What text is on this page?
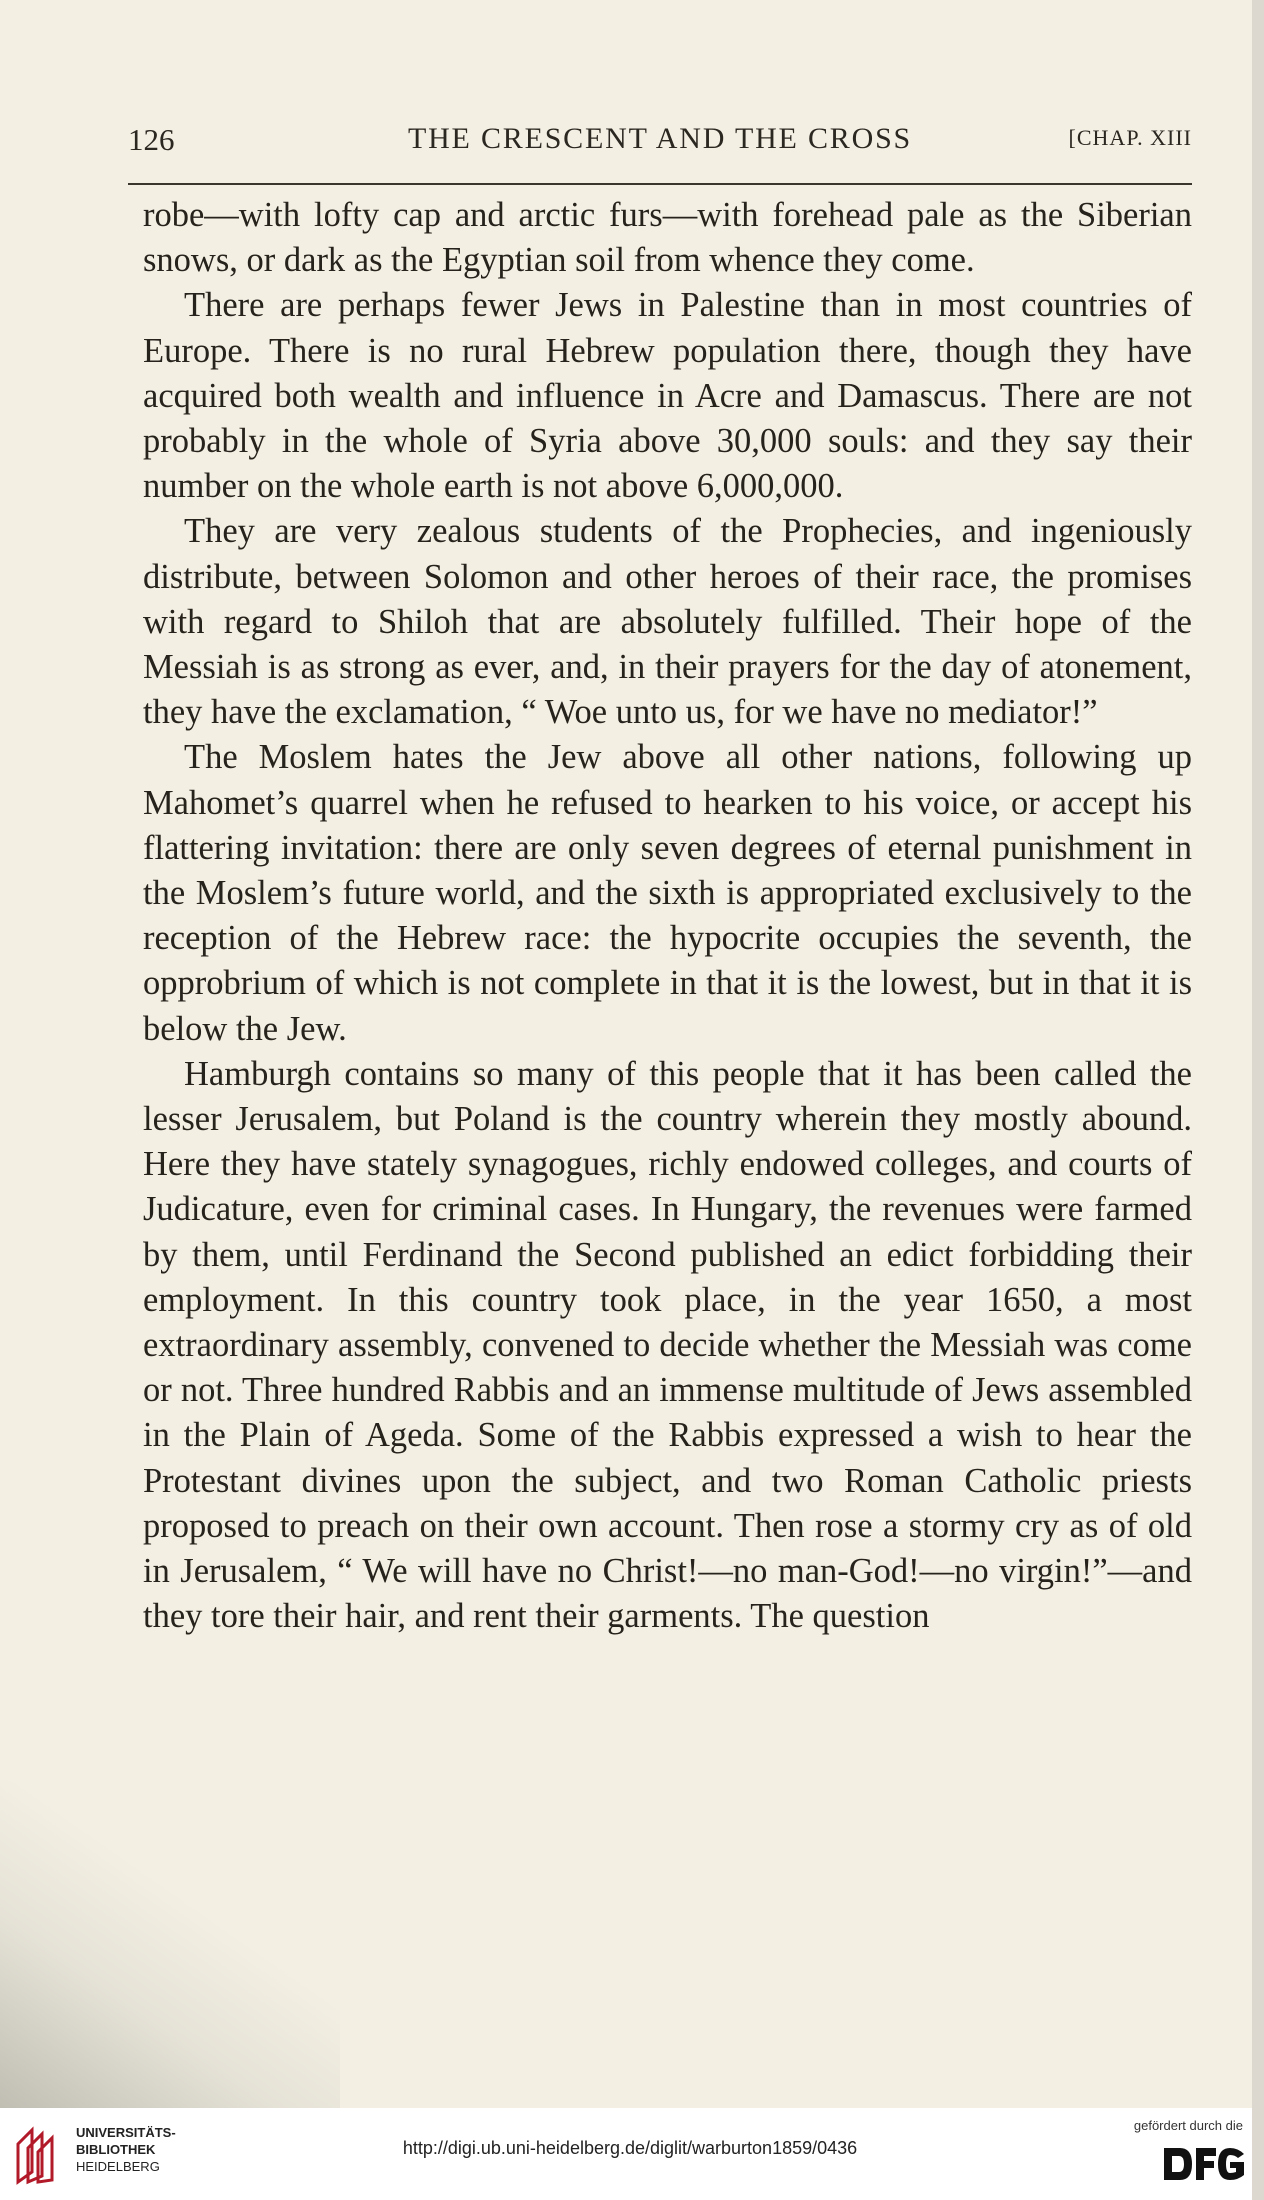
126	THE CRESCENT AND THE CROSS	[CHAP. XIII

robe—with lofty cap and arctic furs—with forehead pale as the Siberian snows, or dark as the Egyptian soil from whence they come.

There are perhaps fewer Jews in Palestine than in most countries of Europe. There is no rural Hebrew population there, though they have acquired both wealth and influence in Acre and Damascus. There are not probably in the whole of Syria above 30,000 souls: and they say their number on the whole earth is not above 6,000,000.

They are very zealous students of the Prophecies, and ingeniously distribute, between Solomon and other heroes of their race, the promises with regard to Shiloh that are absolutely fulfilled. Their hope of the Messiah is as strong as ever, and, in their prayers for the day of atonement, they have the exclamation, “ Woe unto us, for we have no mediator!”

The Moslem hates the Jew above all other nations, following up Mahomet’s quarrel when he refused to hearken to his voice, or accept his flattering invitation: there are only seven degrees of eternal punishment in the Moslem’s future world, and the sixth is appropriated exclusively to the reception of the Hebrew race: the hypocrite occupies the seventh, the opprobrium of which is not complete in that it is the lowest, but in that it is below the Jew.

Hamburgh contains so many of this people that it has been called the lesser Jerusalem, but Poland is the country wherein they mostly abound. Here they have stately synagogues, richly endowed colleges, and courts of Judicature, even for criminal cases. In Hungary, the revenues were farmed by them, until Ferdinand the Second published an edict forbidding their employment. In this country took place, in the year 1650, a most extraordinary assembly, convened to decide whether the Messiah was come or not. Three hundred Rabbis and an immense multitude of Jews assembled in the Plain of Ageda. Some of the Rabbis expressed a wish to hear the Protestant divines upon the subject, and two Roman Catholic priests proposed to preach on their own account. Then rose a stormy cry as of old in Jerusalem, “ We will have no Christ!—no man-God!—no virgin!”—and they tore their hair, and rent their garments. The question

UNIVERSITÄTS-
BIBLIOTHEK
HEIDELBERG
http://digi.ub.uni-heidelberg.de/diglit/warburton1859/0436
gefördert durch die
